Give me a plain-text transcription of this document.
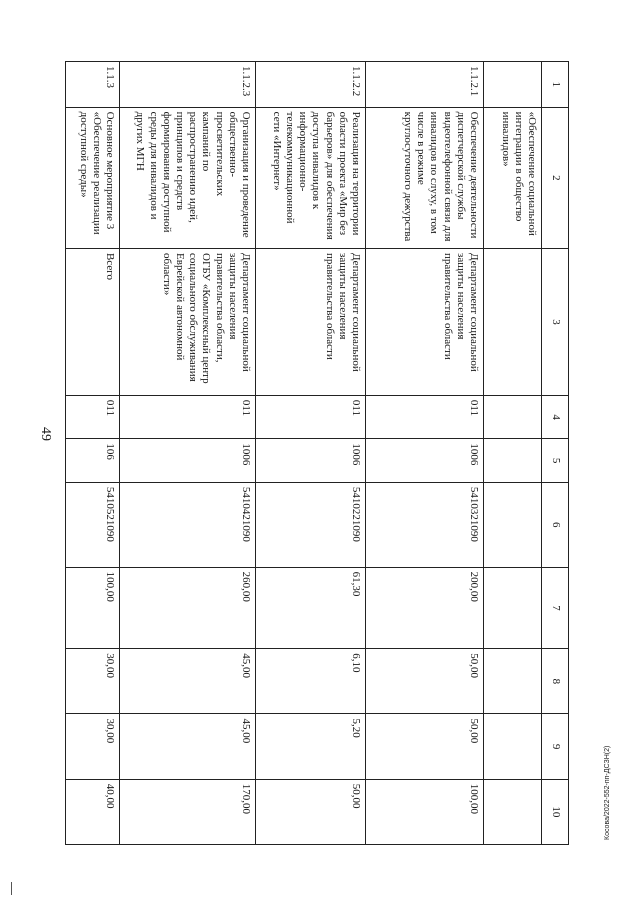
49
1	2	3	4	5	6	7	8	9	10
	«Обеспечение социальной интеграции в общество инвалидов»								
1.1.2.1	Обеспечение деятельности диспетчерской службы видеотелефонной связи для инвалидов по слуху, в том числе в режиме круглосуточного дежурства	Департамент социальной защиты населения правительства области	011	1006	5410321090	200,00	50,00	50,00	100,00
1.1.2.2	Реализация на территории области проекта «Мир без барьеров» для обеспечения доступа инвалидов к информационно-телекоммуникационной сети «Интернет»	Департамент социальной защиты населения правительства области	011	1006	5410221090	61,30	6,10	5,20	50,00
1.1.2.3	Организация и проведение общественно-просветительских кампаний по распространению идей, принципов и средств формирования доступной среды для инвалидов и других МГН	Департамент социальной защиты населения правительства области, ОГБУ «Комплексный центр социального обслуживания Еврейской автономной области»	011	1006	5410421090	260,00	45,00	45,00	170,00
1.1.3	Основное мероприятие 3 «Обеспечение реализации доступной среды»	Всего	011	106	5410521090	100,00	30,00	30,00	40,00	Косова/2022-552-пп-ДСЗН(2)
